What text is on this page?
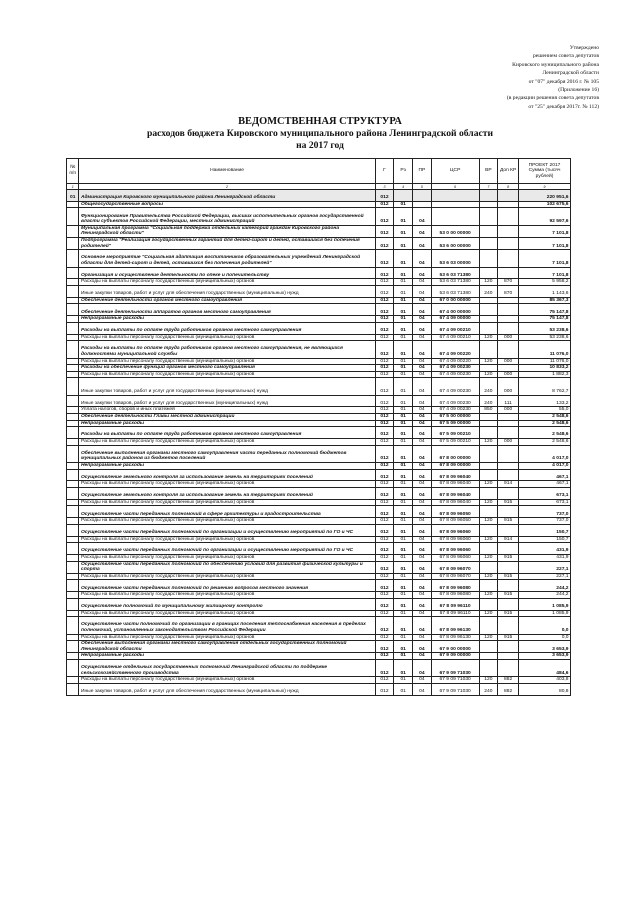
Утверждено
решением совета депутатов
Кировского муниципального района
Ленинградской области
от "07" декабря 2016 г. № 105
(Приложение 16)
(в редакции решения совета депутатов
от "25" декабря 2017г. № 112)
ВЕДОМСТВЕННАЯ СТРУКТУРА
расходов бюджета Кировского муниципального района Ленинградской области
на 2017 год
№ п/п	Наименование	Г	Рз	ПР	ЦСР	ВР	Доп КР	ПРОЕКТ 2017 Сумма (тысяч рублей)
1	2	3	4	5	6	7	8	9
01	Администрация Кировского муниципального района Ленинградской области	012						220 951,6
	Общегосударственные вопросы	012	01					102 675,6
	Функционирование Правительства Российской Федерации, высших исполнительных органов государственной власти субъектов Российской Федерации, местных администраций	012	01	04				92 597,6
	Муниципальная программа "Социальная поддержка отдельных категорий граждан Кировского района Ленинградской области"	012	01	04	53 0 00 00000			7 101,8
	Подпрограмма "Реализация государственных гарантий для детей-сирот и детей, оставшихся без попечения родителей"	012	01	04	53 6 00 00000			7 101,8
	Основное мероприятие "Социальная адаптация воспитанников образовательных учреждений Ленинградской области для детей-сирот и детей, оставшихся без попечения родителей"	012	01	04	53 6 03 00000			7 101,8
	Организация и осуществление деятельности по опеке и попечительству	012	01	04	53 6 03 71380			7 101,8
	Расходы на выплаты персоналу государственных (муниципальных) органов	012	01	04	53 6 03 71380	120	870	5 958,2
	Иные закупки товаров, работ и услуг для обеспечения государственных (муниципальных) нужд	012	01	04	53 6 03 71380	240	870	1 143,6
	Обеспечение деятельности органов местного самоуправления	012	01	04	67 0 00 00000			85 367,3
	Обеспечение деятельности аппаратов органов местного самоуправления	012	01	04	67 4 00 00000			75 147,8
	Непрограммные расходы	012	01	04	67 4 09 00000			75 147,8
	Расходы на выплаты по оплате труда работников органов местного самоуправления	012	01	04	67 4 09 00210			53 238,6
	Расходы на выплаты персоналу государственных (муниципальных) органов	012	01	04	67 4 09 00210	120	000	53 238,6
	Расходы на выплаты по оплате труда работников органов местного самоуправления, не являющихся должностями муниципальной службы	012	01	04	67 4 09 00220			11 076,0
	Расходы на выплаты персоналу государственных (муниципальных) органов	012	01	04	67 4 09 00220	120	000	11 076,0
	Расходы на обеспечение функций органов местного самоуправления	012	01	04	67 4 09 00230			10 833,2
	Расходы на выплаты персоналу государственных (муниципальных) органов	012	01	04	67 4 09 00230	120	000	1 882,3
	Иные закупки товаров, работ и услуг для государственных (муниципальных) нужд	012	01	04	67 4 09 00230	240	000	8 762,7
	Иные закупки товаров, работ и услуг для государственных (муниципальных) нужд	012	01	04	67 4 09 00230	240	111	133,2
	Уплата налогов, сборов и иных платежей	012	01	04	67 4 09 00230	850	000	55,0
	Обеспечение деятельности Главы местной администрации	012	01	04	67 5 00 00000			2 548,6
	Непрограммные расходы	012	01	04	67 5 09 00000			2 548,6
	Расходы на выплаты по оплате труда работников органов местного самоуправления	012	01	04	67 5 09 00210			2 548,6
	Расходы на выплаты персоналу государственных (муниципальных) органов	012	01	04	67 5 09 00210	120	000	2 548,6
	Обеспечение выполнения органами местного самоуправления части переданных полномочий бюджетов муниципальных районов из бюджетов поселений	012	01	04	67 8 00 00000			4 017,0
	Непрограммные расходы	012	01	04	67 8 09 00000			4 017,0
	Осуществление земельного контроля за использование земель на территориях поселений	012	01	04	67 8 09 96040			467,1
	Расходы на выплаты персоналу государственных (муниципальных) органов	012	01	04	67 8 09 96040	120	914	467,1
	Осуществление земельного контроля за использование земель на территориях поселений	012	01	04	67 8 09 96040			673,1
	Расходы на выплаты персоналу государственных (муниципальных) органов	012	01	04	67 8 09 96040	120	915	673,1
	Осуществление части переданных полномочий в сфере архитектуры и градостроительства	012	01	04	67 8 09 96050			737,0
	Расходы на выплаты персоналу государственных (муниципальных) органов	012	01	04	67 8 09 96050	120	915	737,0
	Осуществление части переданных полномочий по организации и осуществлению мероприятий по ГО и ЧС	012	01	04	67 8 09 96060			150,7
	Расходы на выплаты персоналу государственных (муниципальных) органов	012	01	04	67 8 09 96060	120	914	150,7
	Осуществление части переданных полномочий по организации и осуществлению мероприятий по ГО и ЧС	012	01	04	67 8 09 96060			431,9
	Расходы на выплаты персоналу государственных (муниципальных) органов	012	01	04	67 8 09 96060	120	915	431,9
	Осуществление части переданных полномочий по обеспечению условий для развития физической культуры и спорта	012	01	04	67 8 09 96070			227,1
	Расходы на выплаты персоналу государственных (муниципальных) органов	012	01	04	67 8 09 96070	120	915	227,1
	Осуществление части переданных полномочий по решению вопросов местного значения	012	01	04	67 8 09 96080			244,2
	Расходы на выплаты персоналу государственных (муниципальных) органов	012	01	04	67 8 09 96080	120	915	244,2
	Осуществление полномочий по муниципальному жилищному контролю	012	01	04	67 8 09 96110			1 085,9
	Расходы на выплаты персоналу государственных (муниципальных) органов	012	01	04	67 8 09 96110	120	915	1 085,9
	Осуществление части полномочий по организации в границах поселения теплоснабжения населения в пределах полномочий, установленных законодательством Российской Федерации	012	01	04	67 8 09 96130			0,0
	Расходы на выплаты персоналу государственных (муниципальных) органов	012	01	04	67 8 09 96130	120	915	0,0
	Обеспечение выполнения органами местного самоуправления отдельных государственных полномочий Ленинградской области	012	01	04	67 9 00 00000			3 653,9
	Непрограммные расходы	012	01	04	67 9 09 00000			3 653,9
	Осуществление отдельных государственных полномочий Ленинградской области по поддержке сельскохозяйственного производства	012	01	04	67 9 09 71030			484,6
	Расходы на выплаты персоналу государственных (муниципальных) органов	012	01	04	67 9 09 71030	120	882	403,8
	Иные закупки товаров, работ и услуг для обеспечения государственных (муниципальных) нужд	012	01	04	67 9 09 71030	240	882	80,8
